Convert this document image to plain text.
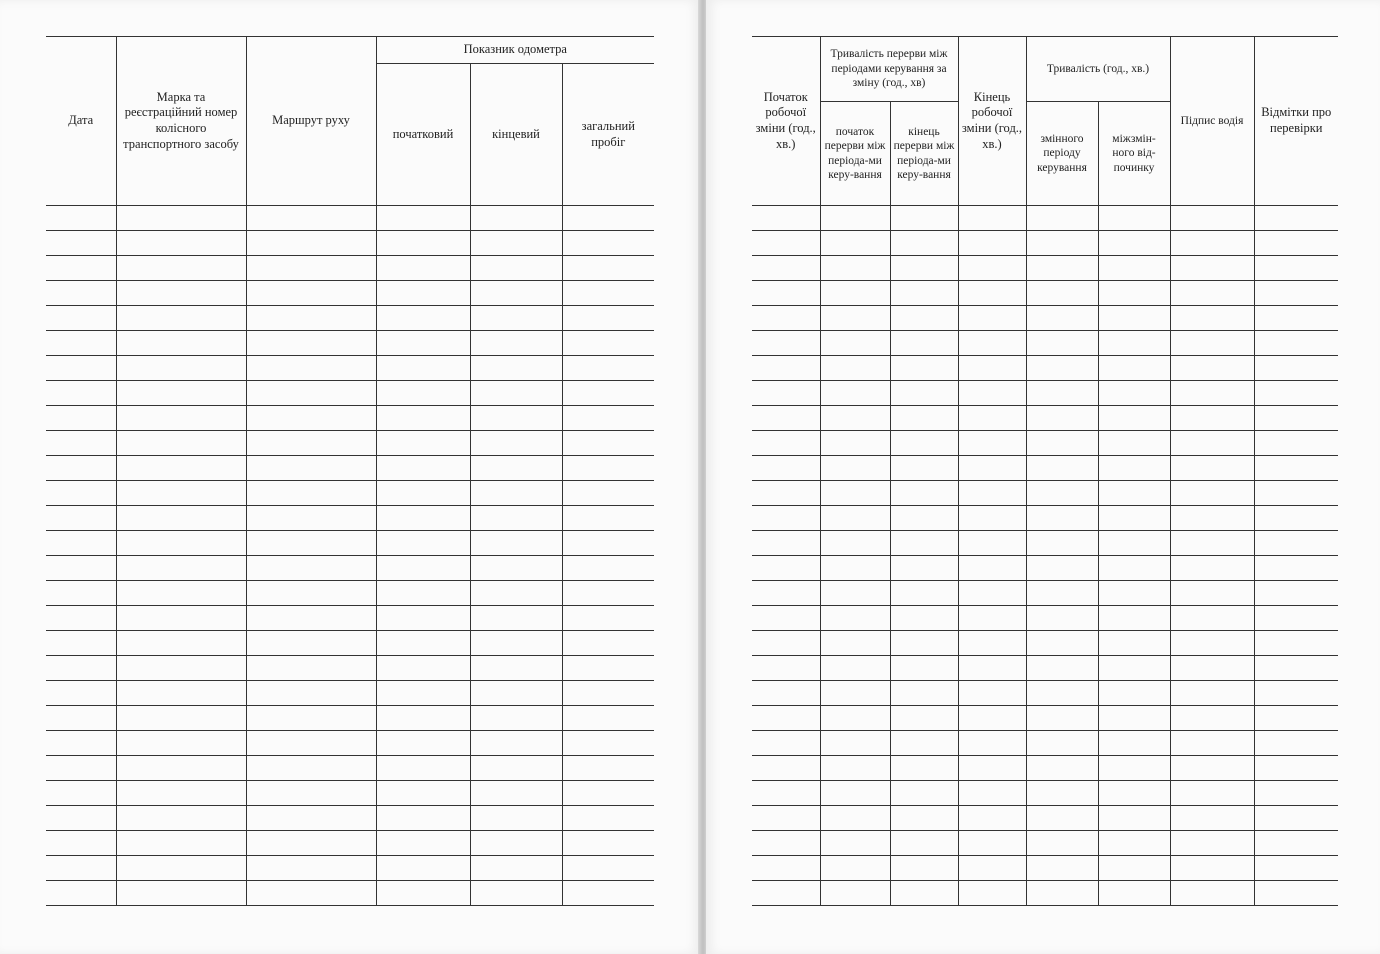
Дата	Марка та реєстраційний номер колісного транспортного засобу	Маршрут руху	Показник одометра		
			початковий	кінцевий	загальний пробіг

Початок робочої зміни (год., хв.)	Тривалість перерви між періодами керування за зміну (год., хв)		Кінець робочої зміни (год., хв.)	Тривалість (год., хв.)		Підпис водія	Відмітки про перевірки
	початок перерви між періода-ми керу-вання	кінець перерви між періода-ми керу-вання		змінного періоду керування	міжзмін-ного від-починку		
